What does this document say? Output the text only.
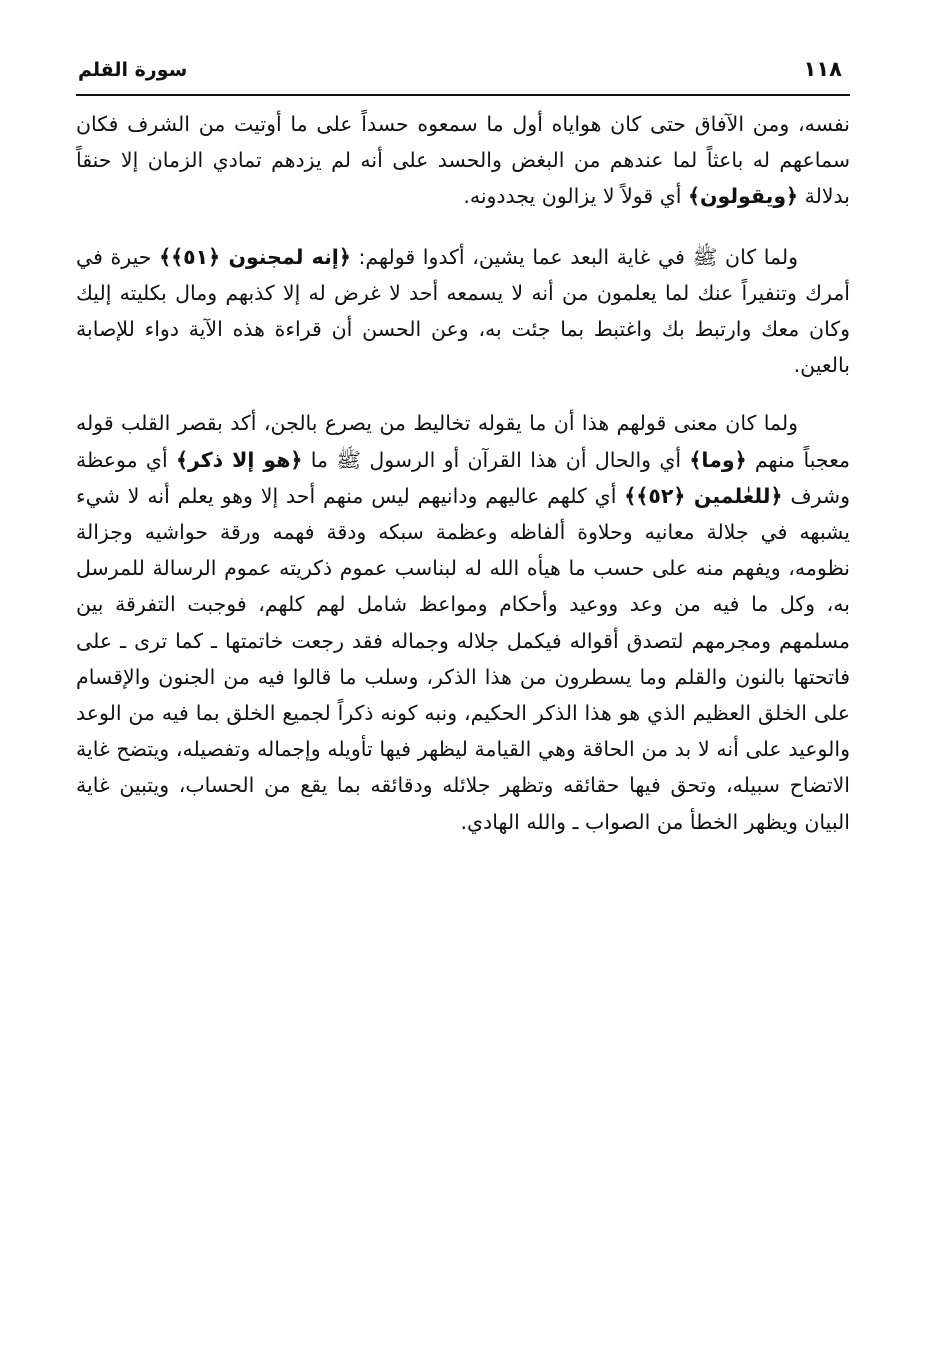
١١٨
سورة القلم

نفسه، ومن الآفاق حتى كان هواياه أول ما سمعوه حسداً على ما أوتيت من الشرف فكان سماعهم له باعثاً لما عندهم من البغض والحسد على أنه لم يزدهم تمادي الزمان إلا حنقاً بدلالة ﴿ويقولون﴾ أي قولاً لا يزالون يجددونه.

ولما كان ﷺ في غاية البعد عما يشين، أكدوا قولهم: ﴿إنه لمجنون ﴿٥١﴾﴾ حيرة في أمرك وتنفيراً عنك لما يعلمون من أنه لا يسمعه أحد لا غرض له إلا كذبهم ومال بكليته إليك وكان معك وارتبط بك واغتبط بما جئت به، وعن الحسن أن قراءة هذه الآية دواء للإصابة بالعين.

ولما كان معنى قولهم هذا أن ما يقوله تخاليط من يصرع بالجن، أكد بقصر القلب قوله معجباً منهم ﴿وما﴾ أي والحال أن هذا القرآن أو الرسول ﷺ ما ﴿هو إلا ذكر﴾ أي موعظة وشرف ﴿للعٰلمين ﴿٥٢﴾﴾ أي كلهم عاليهم ودانيهم ليس منهم أحد إلا وهو يعلم أنه لا شيء يشبهه في جلالة معانيه وحلاوة ألفاظه وعظمة سبكه ودقة فهمه ورقة حواشيه وجزالة نظومه، ويفهم منه على حسب ما هيأه الله له لبناسب عموم ذكريته عموم الرسالة للمرسل به، وكل ما فيه من وعد ووعيد وأحكام ومواعظ شامل لهم كلهم، فوجبت التفرقة بين مسلمهم ومجرمهم لتصدق أقواله فيكمل جلاله وجماله فقد رجعت خاتمتها ـ كما ترى ـ على فاتحتها بالنون والقلم وما يسطرون من هذا الذكر، وسلب ما قالوا فيه من الجنون والإقسام على الخلق العظيم الذي هو هذا الذكر الحكيم، ونبه كونه ذكراً لجميع الخلق بما فيه من الوعد والوعيد على أنه لا بد من الحاقة وهي القيامة ليظهر فيها تأويله وإجماله وتفصيله، ويتضح غاية الاتضاح سبيله، وتحق فيها حقائقه وتظهر جلائله ودقائقه بما يقع من الحساب، ويتبين غاية البيان ويظهر الخطأ من الصواب ـ والله الهادي.
